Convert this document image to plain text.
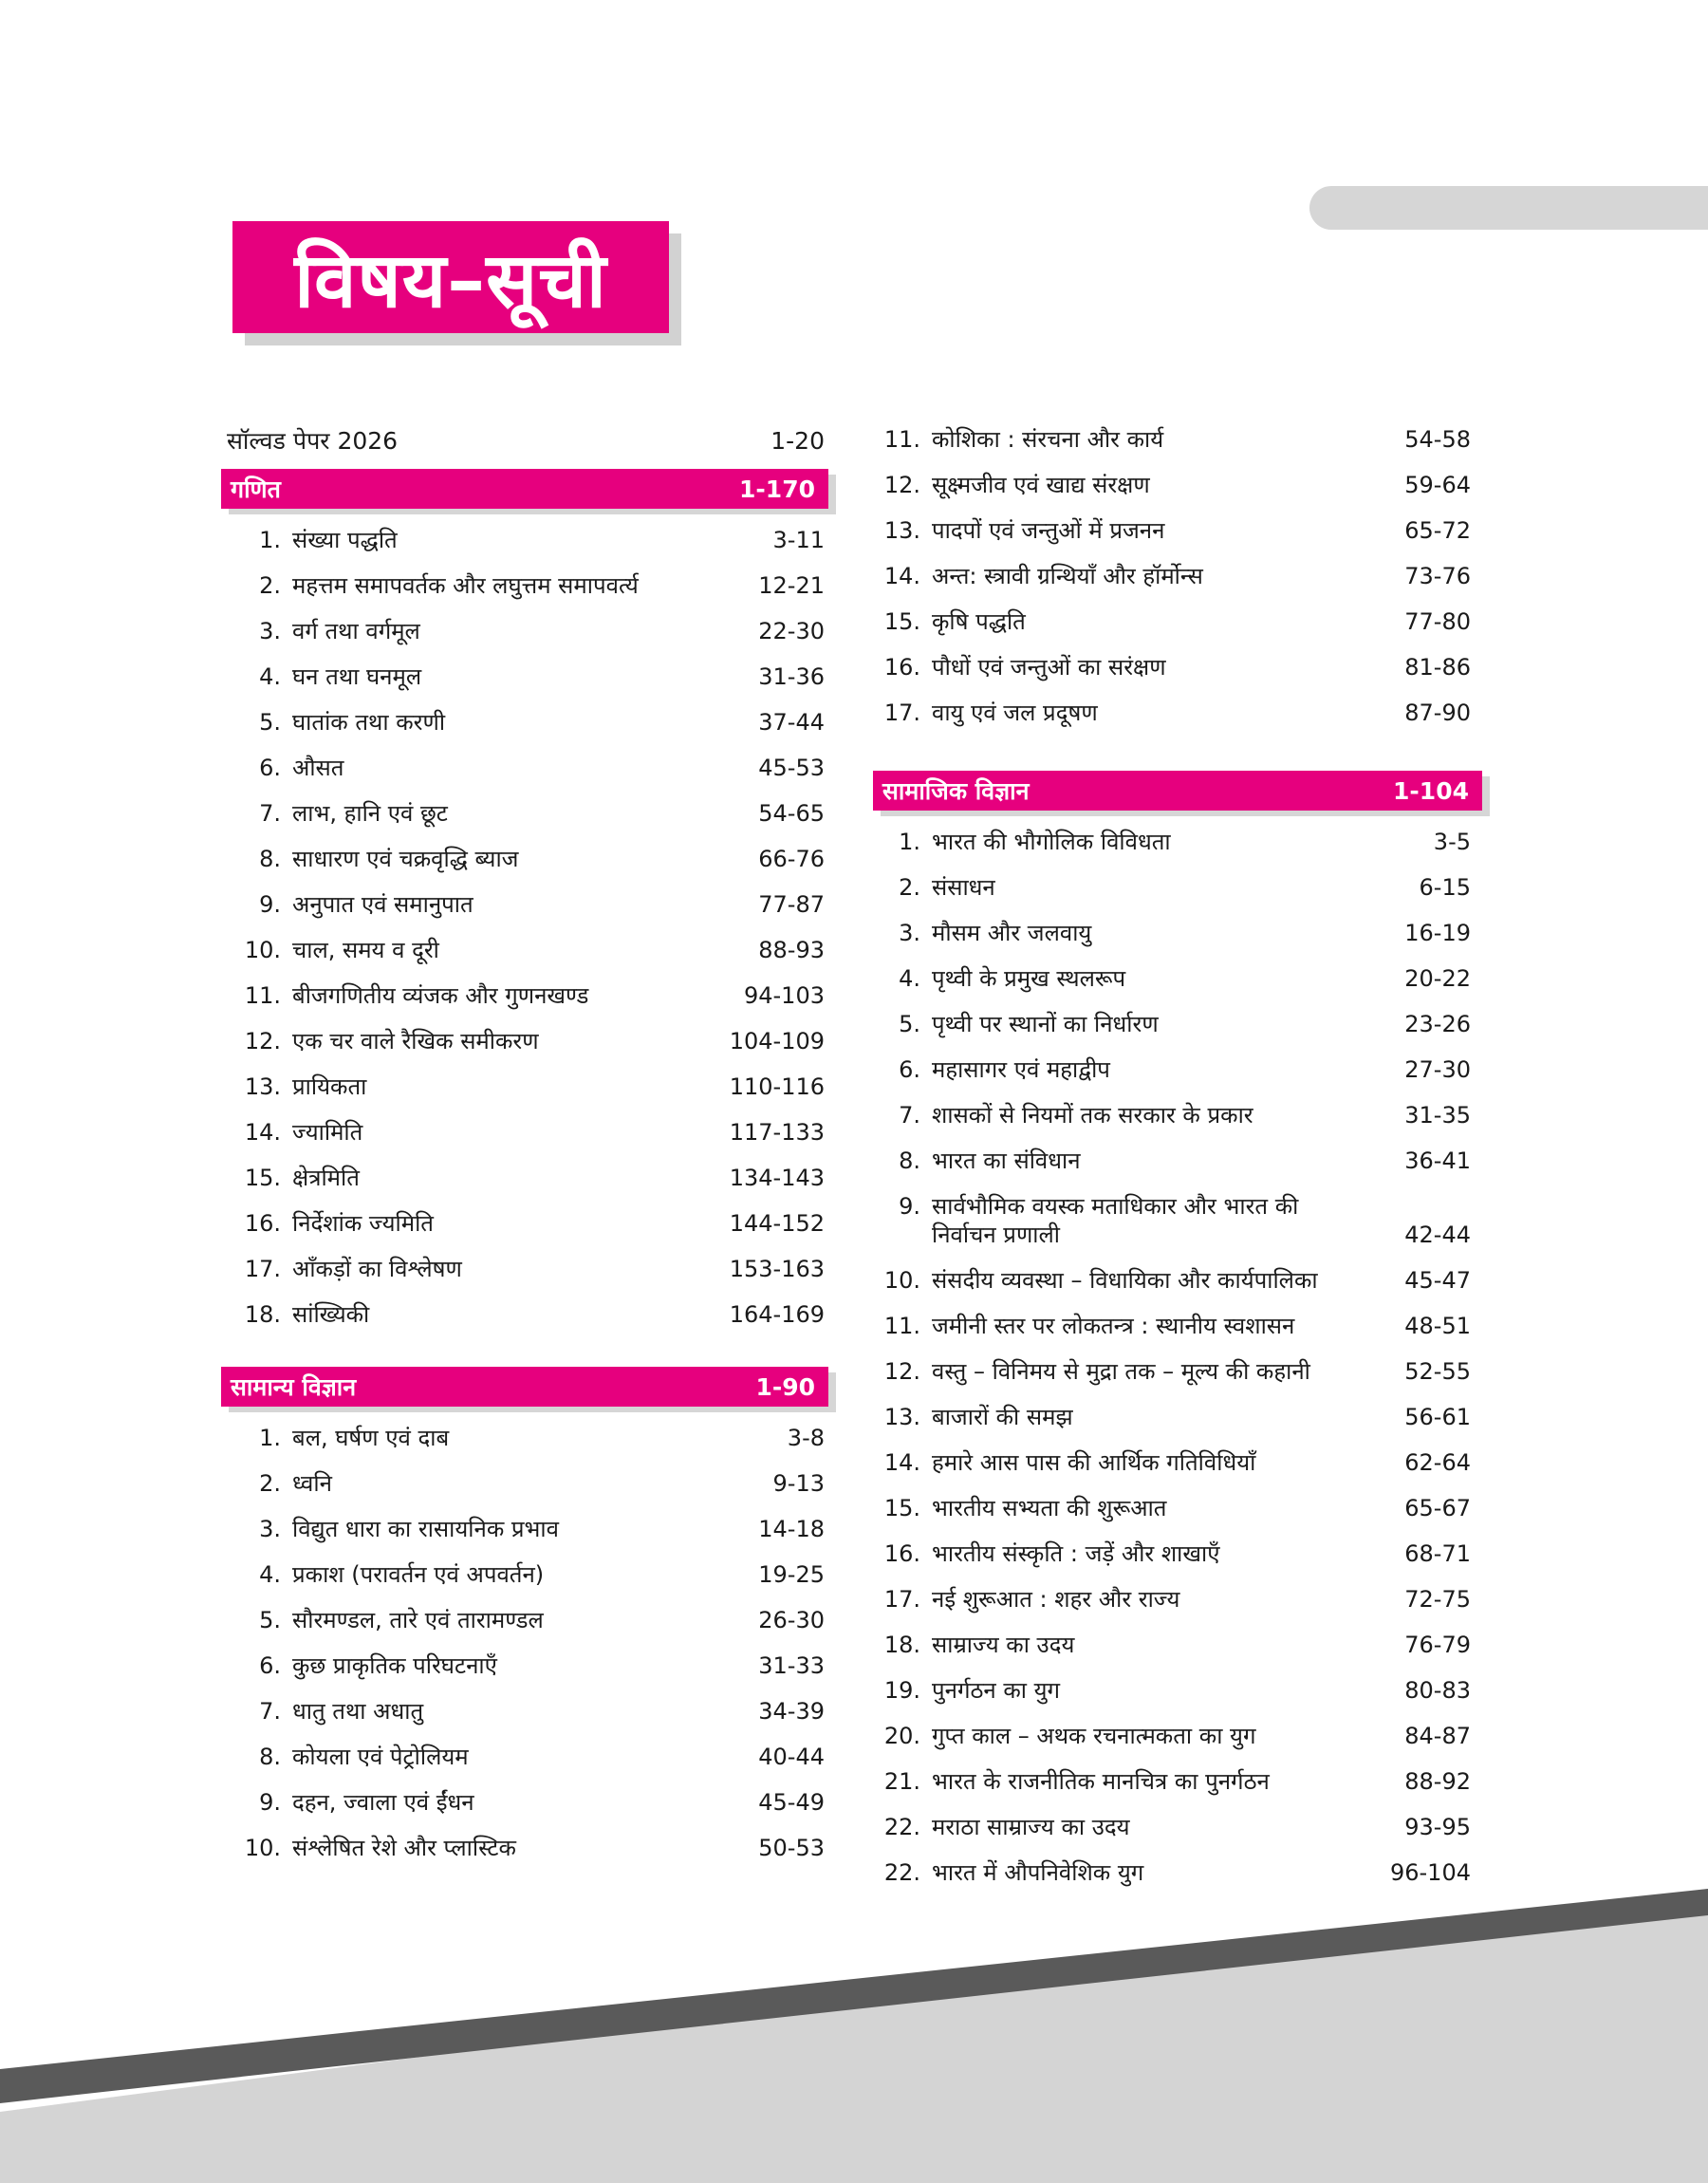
विषय–सूची
सॉल्वड पेपर 2026	1-20
गणित	1-170
1. संख्या पद्धति	3-11
2. महत्तम समापवर्तक और लघुत्तम समापवर्त्य	12-21
3. वर्ग तथा वर्गमूल	22-30
4. घन तथा घनमूल	31-36
5. घातांक तथा करणी	37-44
6. औसत	45-53
7. लाभ, हानि एवं छूट	54-65
8. साधारण एवं चक्रवृद्धि ब्याज	66-76
9. अनुपात एवं समानुपात	77-87
10. चाल, समय व दूरी	88-93
11. बीजगणितीय व्यंजक और गुणनखण्ड	94-103
12. एक चर वाले रैखिक समीकरण	104-109
13. प्रायिकता	110-116
14. ज्यामिति	117-133
15. क्षेत्रमिति	134-143
16. निर्देशांक ज्यमिति	144-152
17. आँकड़ों का विश्लेषण	153-163
18. सांख्यिकी	164-169
सामान्य विज्ञान	1-90
1. बल, घर्षण एवं दाब	3-8
2. ध्वनि	9-13
3. विद्युत धारा का रासायनिक प्रभाव	14-18
4. प्रकाश (परावर्तन एवं अपवर्तन)	19-25
5. सौरमण्डल, तारे एवं तारामण्डल	26-30
6. कुछ प्राकृतिक परिघटनाएँ	31-33
7. धातु तथा अधातु	34-39
8. कोयला एवं पेट्रोलियम	40-44
9. दहन, ज्वाला एवं ईंधन	45-49
10. संश्लेषित रेशे और प्लास्टिक	50-53
11. कोशिका : संरचना और कार्य	54-58
12. सूक्ष्मजीव एवं खाद्य संरक्षण	59-64
13. पादपों एवं जन्तुओं में प्रजनन	65-72
14. अन्त: स्त्रावी ग्रन्थियाँ और हॉर्मोन्स	73-76
15. कृषि पद्धति	77-80
16. पौधों एवं जन्तुओं का सरंक्षण	81-86
17. वायु एवं जल प्रदूषण	87-90
सामाजिक विज्ञान	1-104
1. भारत की भौगोलिक विविधता	3-5
2. संसाधन	6-15
3. मौसम और जलवायु	16-19
4. पृथ्वी के प्रमुख स्थलरूप	20-22
5. पृथ्वी पर स्थानों का निर्धारण	23-26
6. महासागर एवं महाद्वीप	27-30
7. शासकों से नियमों तक सरकार के प्रकार	31-35
8. भारत का संविधान	36-41
9. सार्वभौमिक वयस्क मताधिकार और भारत की निर्वाचन प्रणाली	42-44
10. संसदीय व्यवस्था – विधायिका और कार्यपालिका	45-47
11. जमीनी स्तर पर लोकतन्त्र : स्थानीय स्वशासन	48-51
12. वस्तु – विनिमय से मुद्रा तक – मूल्य की कहानी	52-55
13. बाजारों की समझ	56-61
14. हमारे आस पास की आर्थिक गतिविधियाँ	62-64
15. भारतीय सभ्यता की शुरूआत	65-67
16. भारतीय संस्कृति : जड़ें और शाखाएँ	68-71
17. नई शुरूआत : शहर और राज्य	72-75
18. साम्राज्य का उदय	76-79
19. पुनर्गठन का युग	80-83
20. गुप्त काल – अथक रचनात्मकता का युग	84-87
21. भारत के राजनीतिक मानचित्र का पुनर्गठन	88-92
22. मराठा साम्राज्य का उदय	93-95
22. भारत में औपनिवेशिक युग	96-104
